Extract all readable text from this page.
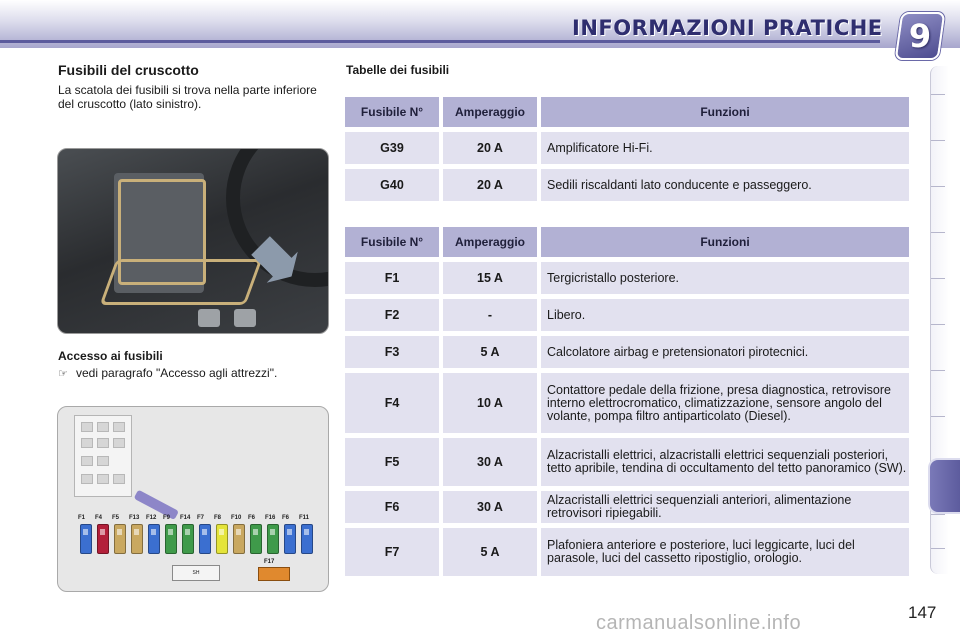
INFORMAZIONI PRATICHE 9
Fusibili del cruscotto
La scatola dei fusibili si trova nella parte inferiore del cruscotto (lato sinistro).
Accesso ai fusibili
☞ vedi paragrafo "Accesso agli attrezzi".
F1 F4 F5 F13 F12 F9 F14 F7 F8 F10 F6 F16 F6 F11
SH
F17
Tabelle dei fusibili
Fusibile N°	Amperaggio	Funzioni
G39	20 A	Amplificatore Hi-Fi.
G40	20 A	Sedili riscaldanti lato conducente e passeggero.
Fusibile N°	Amperaggio	Funzioni
F1	15 A	Tergicristallo posteriore.
F2	-	Libero.
F3	5 A	Calcolatore airbag e pretensionatori pirotecnici.
F4	10 A	Contattore pedale della frizione, presa diagnostica, retrovisore interno elettrocromatico, climatizzazione, sensore angolo del volante, pompa filtro antiparticolato (Diesel).
F5	30 A	Alzacristalli elettrici, alzacristalli elettrici sequenziali posteriori, tetto apribile, tendina di occultamento del tetto panoramico (SW).
F6	30 A	Alzacristalli elettrici sequenziali anteriori, alimentazione retrovisori ripiegabili.
F7	5 A	Plafoniera anteriore e posteriore, luci leggicarte, luci del parasole, luci del cassetto ripostiglio, orologio.
147
carmanualsonline.info
